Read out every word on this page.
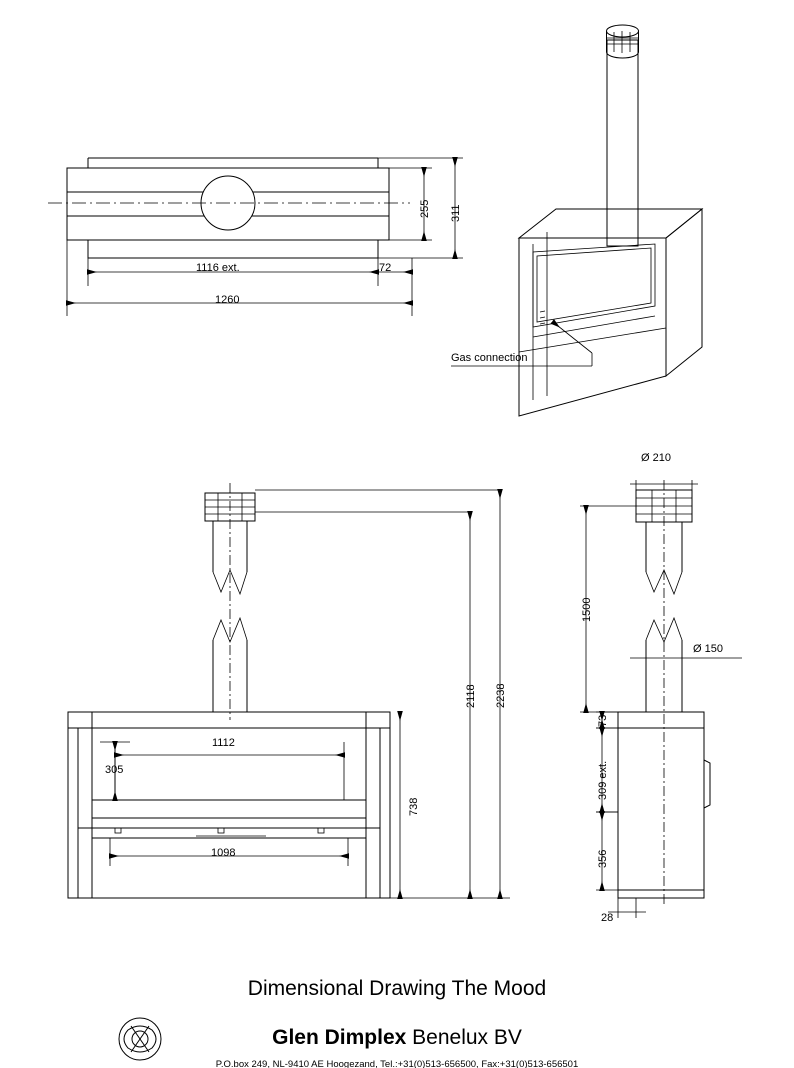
1116 ext.
1260
72
255 311
Gas connection
1112
305
1098
738
2118 2238
Ø 210
Ø 150
1500
73
309 ext.
356
28
Dimensional Drawing The Mood
Glen Dimplex Benelux BV
P.O.box 249, NL-9410 AE Hoogezand, Tel.:+31(0)513-656500, Fax:+31(0)513-656501
